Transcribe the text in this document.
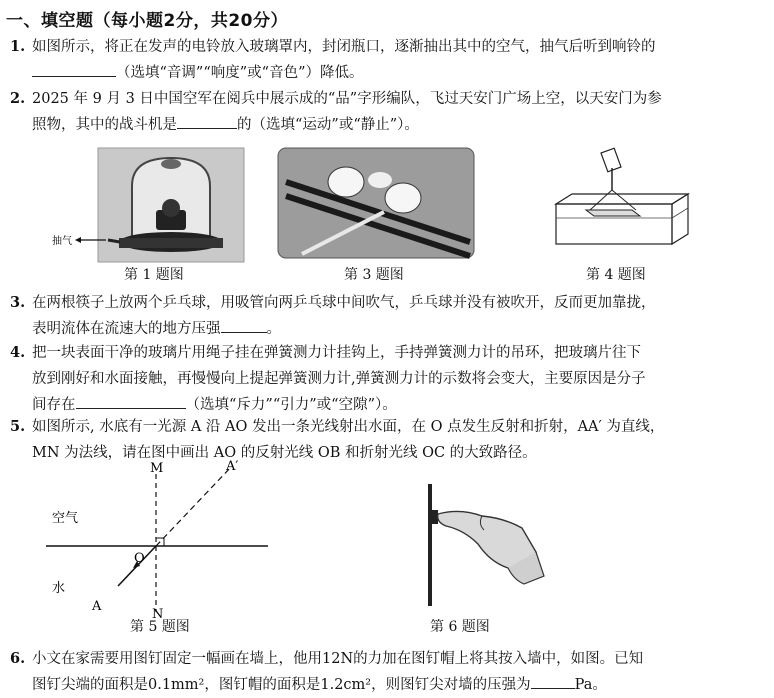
一、填空题（每小题2分，共20分）
1. 如图所示，将正在发声的电铃放入玻璃罩内，封闭瓶口，逐渐抽出其中的空气，抽气后听到响铃的
（选填“音调”“响度”或“音色”）降低。
2. 2025 年 9 月 3 日中国空军在阅兵中展示成的“品”字形编队，飞过天安门广场上空，以天安门为参
照物，其中的战斗机是	的（选填“运动”或“静止”）。
抽气
第 1 题图	第 3 题图	第 4 题图
3. 在两根筷子上放两个乒乓球，用吸管向两乒乓球中间吹气，乒乓球并没有被吹开，反而更加靠拢，
表明流体在流速大的地方压强	。
4. 把一块表面干净的玻璃片用绳子挂在弹簧测力计挂钩上，手持弹簧测力计的吊环，把玻璃片往下
放到刚好和水面接触，再慢慢向上提起弹簧测力计,弹簧测力计的示数将会变大，主要原因是分子
间存在	（选填“斥力”“引力”或“空隙”）。
5. 如图所示, 水底有一光源 A 沿 AO 发出一条光线射出水面，在 O 点发生反射和折射，AA′ 为直线，
MN 为法线，请在图中画出 AO 的反射光线 OB 和折射光线 OC 的大致路径。
M	A′
空气
O
水
A
N
第 5 题图	第 6 题图
6. 小文在家需要用图钉固定一幅画在墙上，他用12N的力加在图钉帽上将其按入墙中，如图。已知
图钉尖端的面积是0.1mm²，图钉帽的面积是1.2cm²，则图钉尖对墙的压强为	Pa。
